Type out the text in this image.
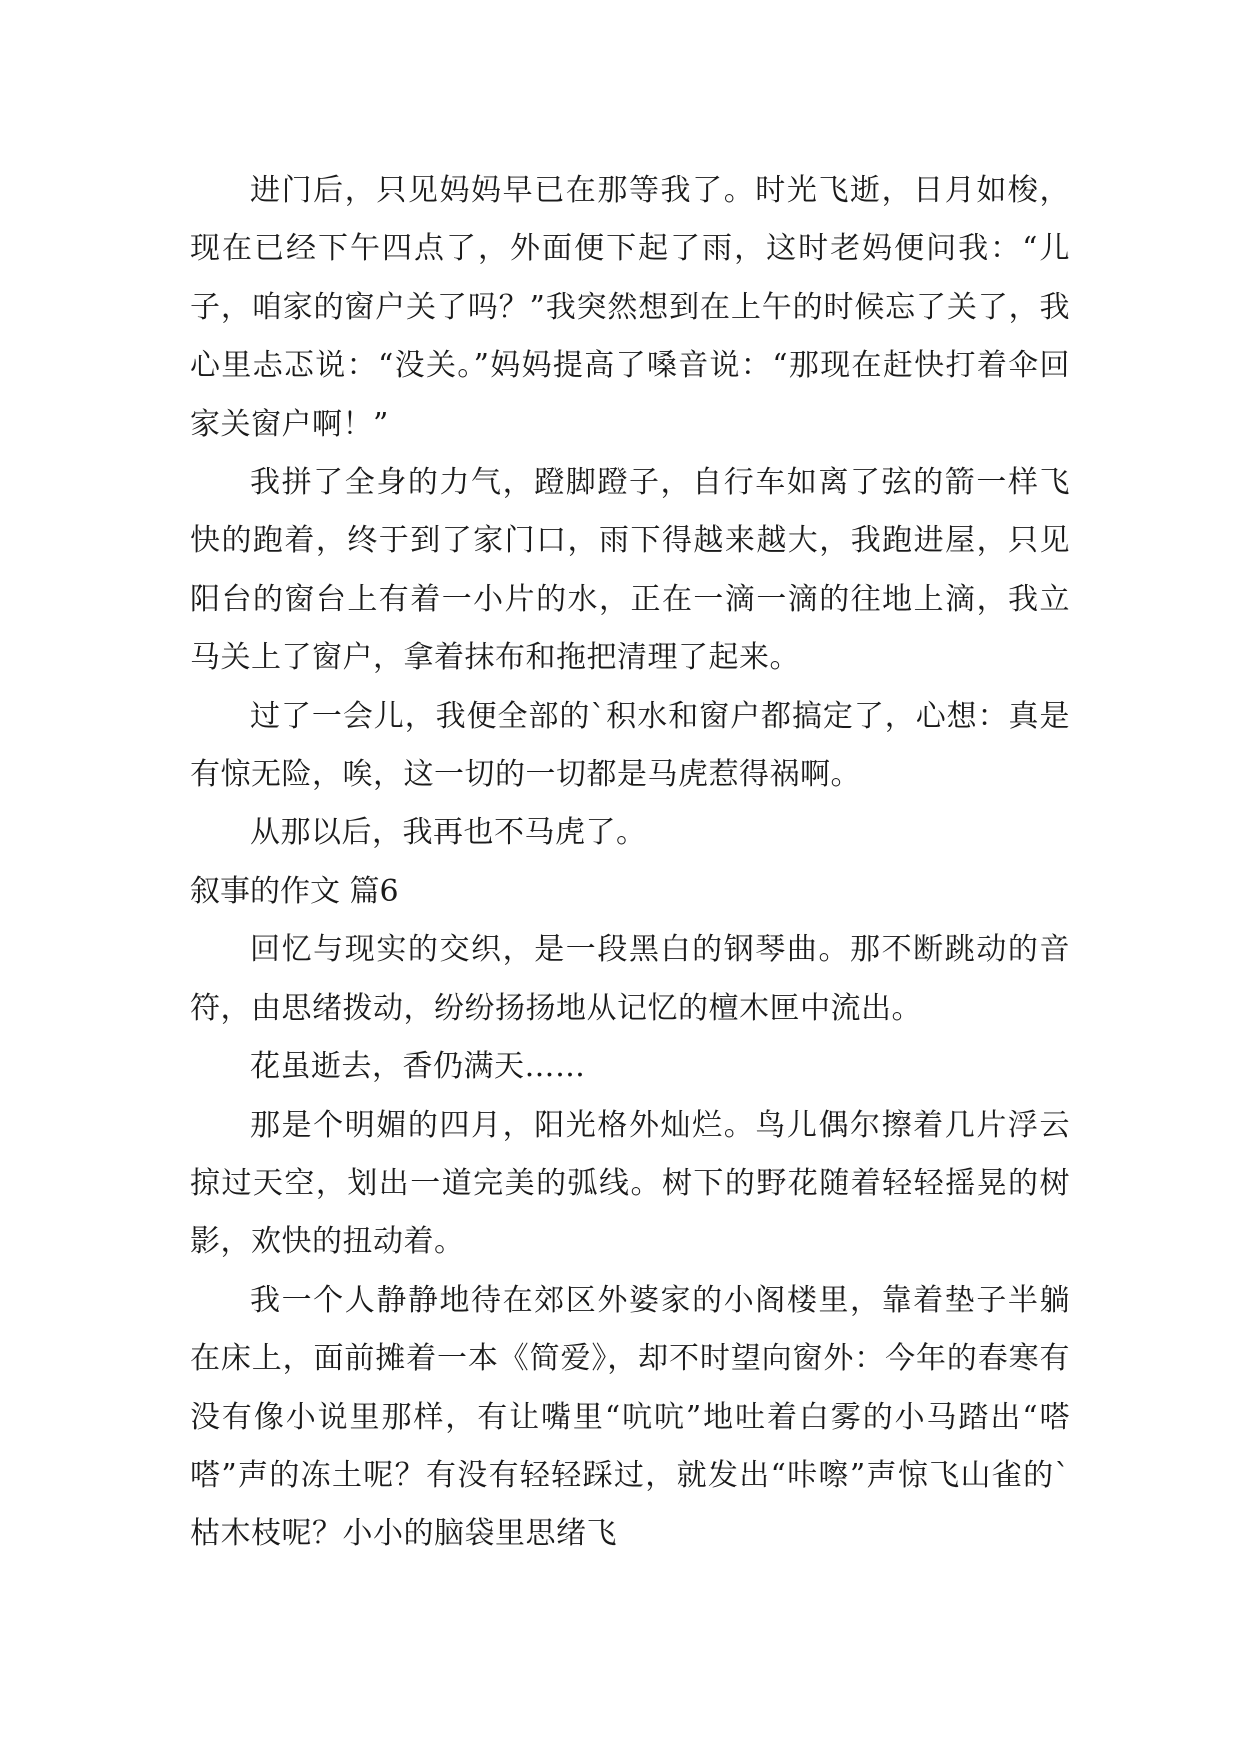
进门后，只见妈妈早已在那等我了。时光飞逝，日月如梭，现在已经下午四点了，外面便下起了雨，这时老妈便问我：“儿子，咱家的窗户关了吗？”我突然想到在上午的时候忘了关了，我心里忐忑说：“没关。”妈妈提高了嗓音说：“那现在赶快打着伞回家关窗户啊！”

我拼了全身的力气，蹬脚蹬子，自行车如离了弦的箭一样飞快的跑着，终于到了家门口，雨下得越来越大，我跑进屋，只见阳台的窗台上有着一小片的水，正在一滴一滴的往地上滴，我立马关上了窗户，拿着抹布和拖把清理了起来。

过了一会儿，我便全部的`积水和窗户都搞定了，心想：真是有惊无险，唉，这一切的一切都是马虎惹得祸啊。

从那以后，我再也不马虎了。

叙事的作文 篇6

回忆与现实的交织，是一段黑白的钢琴曲。那不断跳动的音符，由思绪拨动，纷纷扬扬地从记忆的檀木匣中流出。

花虽逝去，香仍满天……

那是个明媚的四月，阳光格外灿烂。鸟儿偶尔擦着几片浮云掠过天空，划出一道完美的弧线。树下的野花随着轻轻摇晃的树影，欢快的扭动着。

我一个人静静地待在郊区外婆家的小阁楼里，靠着垫子半躺在床上，面前摊着一本《简爱》，却不时望向窗外：今年的春寒有没有像小说里那样，有让嘴里“吭吭”地吐着白雾的小马踏出“嗒嗒”声的冻土呢？有没有轻轻踩过，就发出“咔嚓”声惊飞山雀的`枯木枝呢？小小的脑袋里思绪飞
